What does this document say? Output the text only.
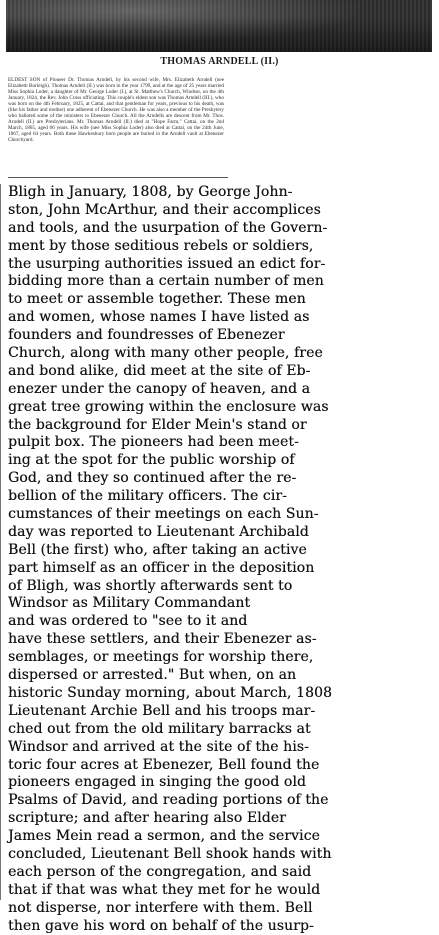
THOMAS ARNDELL (II.)
ELDEST SON of Pioneer Dr. Thomas Arndell, by his second wife, Mrs. Elizabeth Arndell (nee Elizabeth Burleigh). Thomas Arndell (II.) was born in the year 1799, and at the age of 25 years married Miss Sophia Loder, a daughter of Mr. George Loder (I.), at St. Matthew's Church, Windsor, on the 4th January, 1824, the Rev. John Cross officiating. This couple's eldest son was Thomas Arndell (III.), who was born on the 4th February, 1825, at Cattai, and that gentleman for years, previous to his death, was (like his father and mother) one adherent of Ebenezer Church. He was also a member of the Presbytery who balloted some of the ministers to Ebenezer Church. All the Arndells are descent from Mr. Thos. Arndell (II.) are Presbyterians. Mr. Thomas Arndell (II.) died at "Hope Farm," Cattai, on the 2nd March, 1865, aged 66 years. His wife (nee Miss Sophia Loder) also died at Cattai, on the 24th June, 1867, aged 64 years. Both these Hawkesbury born people are buried in the Arndell vault at Ebenezer Churchyard.
Bligh in January, 1808, by George John-
ston, John McArthur, and their accomplices
and tools, and the usurpation of the Govern-
ment by those seditious rebels or soldiers,
the usurping authorities issued an edict for-
bidding more than a certain number of men
to meet or assemble together. These men
and women, whose names I have listed as
founders and foundresses of Ebenezer
Church, along with many other people, free
and bond alike, did meet at the site of Eb-
enezer under the canopy of heaven, and a
great tree growing within the enclosure was
the background for Elder Mein's stand or
pulpit box. The pioneers had been meet-
ing at the spot for the public worship of
God, and they so continued after the re-
bellion of the military officers. The cir-
cumstances of their meetings on each Sun-
day was reported to Lieutenant Archibald
Bell (the first) who, after taking an active
part himself as an officer in the deposition
of Bligh, was shortly afterwards sent to
Windsor as Military Commandant
and was ordered to "see to it and
have these settlers, and their Ebenezer as-
semblages, or meetings for worship there,
dispersed or arrested." But when, on an
historic Sunday morning, about March, 1808
Lieutenant Archie Bell and his troops mar-
ched out from the old military barracks at
Windsor and arrived at the site of the his-
toric four acres at Ebenezer, Bell found the
pioneers engaged in singing the good old
Psalms of David, and reading portions of the
scripture; and after hearing also Elder
James Mein read a sermon, and the service
concluded, Lieutenant Bell shook hands with
each person of the congregation, and said
that if that was what they met for he would
not disperse, nor interfere with them. Bell
then gave his word on behalf of the usurp-
